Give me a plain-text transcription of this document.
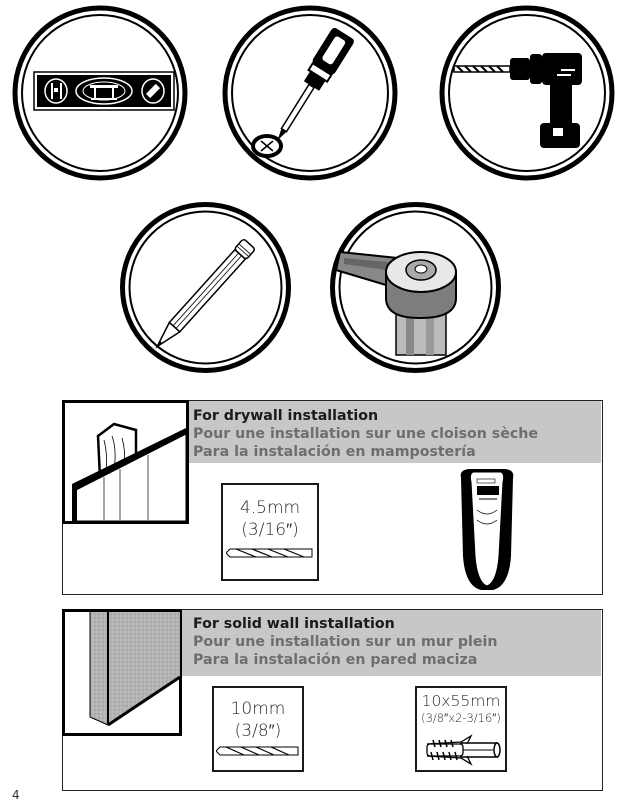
For drywall installation
Pour une installation sur une cloison sèche
Para la instalación en mampostería
4.5mm
(3/16″)
For solid wall installation
Pour une installation sur un mur plein
Para la instalación en pared maciza
10mm
(3/8″)
10x55mm
(3/8″x2-3/16″)
4
